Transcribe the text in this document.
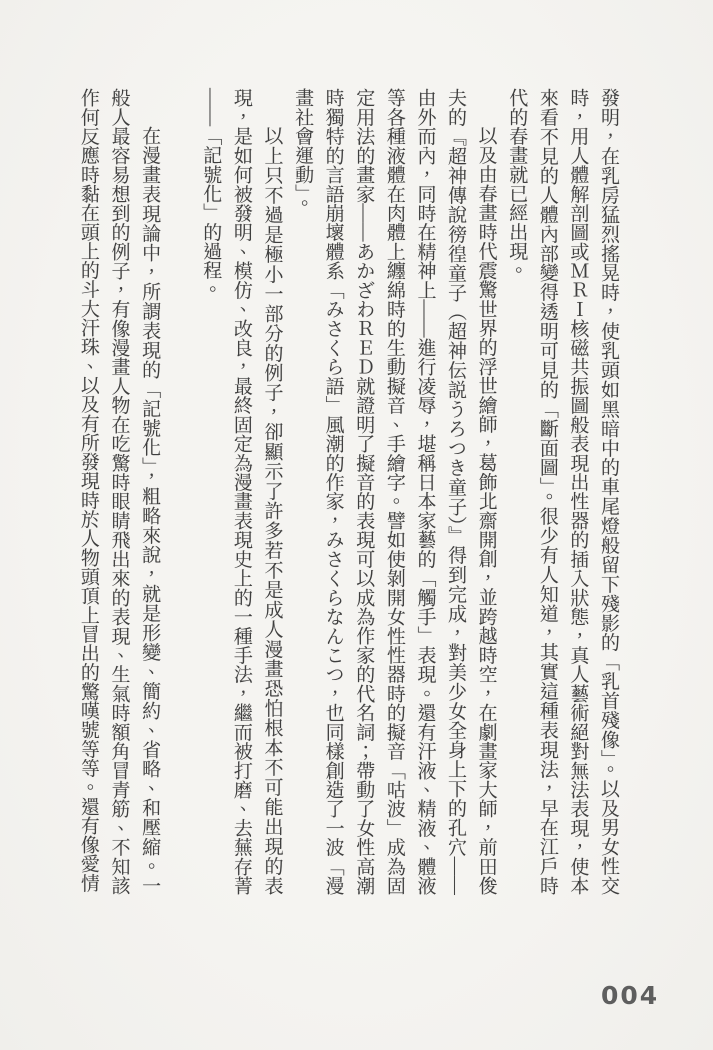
發明，在乳房猛烈搖晃時，使乳頭如黑暗中的車尾燈般留下殘影的「乳首殘像」。以及男女性交時，用人體解剖圖或ＭＲＩ核磁共振圖般表現出性器的插入狀態，真人藝術絕對無法表現，使本來看不見的人體內部變得透明可見的「斷面圖」。很少有人知道，其實這種表現法，早在江戶時代的春畫就已經出現。

以及由春畫時代震驚世界的浮世繪師，葛飾北齋開創，並跨越時空，在劇畫家大師，前田俊夫的『超神傳說徬徨童子（超神伝説うろつき童子）』得到完成，對美少女全身上下的孔穴——由外而內，同時在精神上——進行凌辱，堪稱日本家藝的「觸手」表現。還有汗液、精液、體液等各種液體在肉體上纏綿時的生動擬音、手繪字。譬如使剝開女性性器時的擬音「咕波」成為固定用法的畫家——あかざわＲＥＤ就證明了擬音的表現可以成為作家的代名詞；帶動了女性高潮時獨特的言語崩壞體系「みさくら語」風潮的作家，みさくらなんこつ，也同樣創造了一波「漫畫社會運動」。

以上只不過是極小一部分的例子，卻顯示了許多若不是成人漫畫恐怕根本不可能出現的表現，是如何被發明、模仿、改良，最終固定為漫畫表現史上的一種手法，繼而被打磨、去蕪存菁——「記號化」的過程。

在漫畫表現論中，所謂表現的「記號化」，粗略來說，就是形變、簡約、省略、和壓縮。一般人最容易想到的例子，有像漫畫人物在吃驚時眼睛飛出來的表現、生氣時額角冒青筋、不知該作何反應時黏在頭上的斗大汗珠、以及有所發現時於人物頭頂上冒出的驚嘆號等等。還有像愛情

004
